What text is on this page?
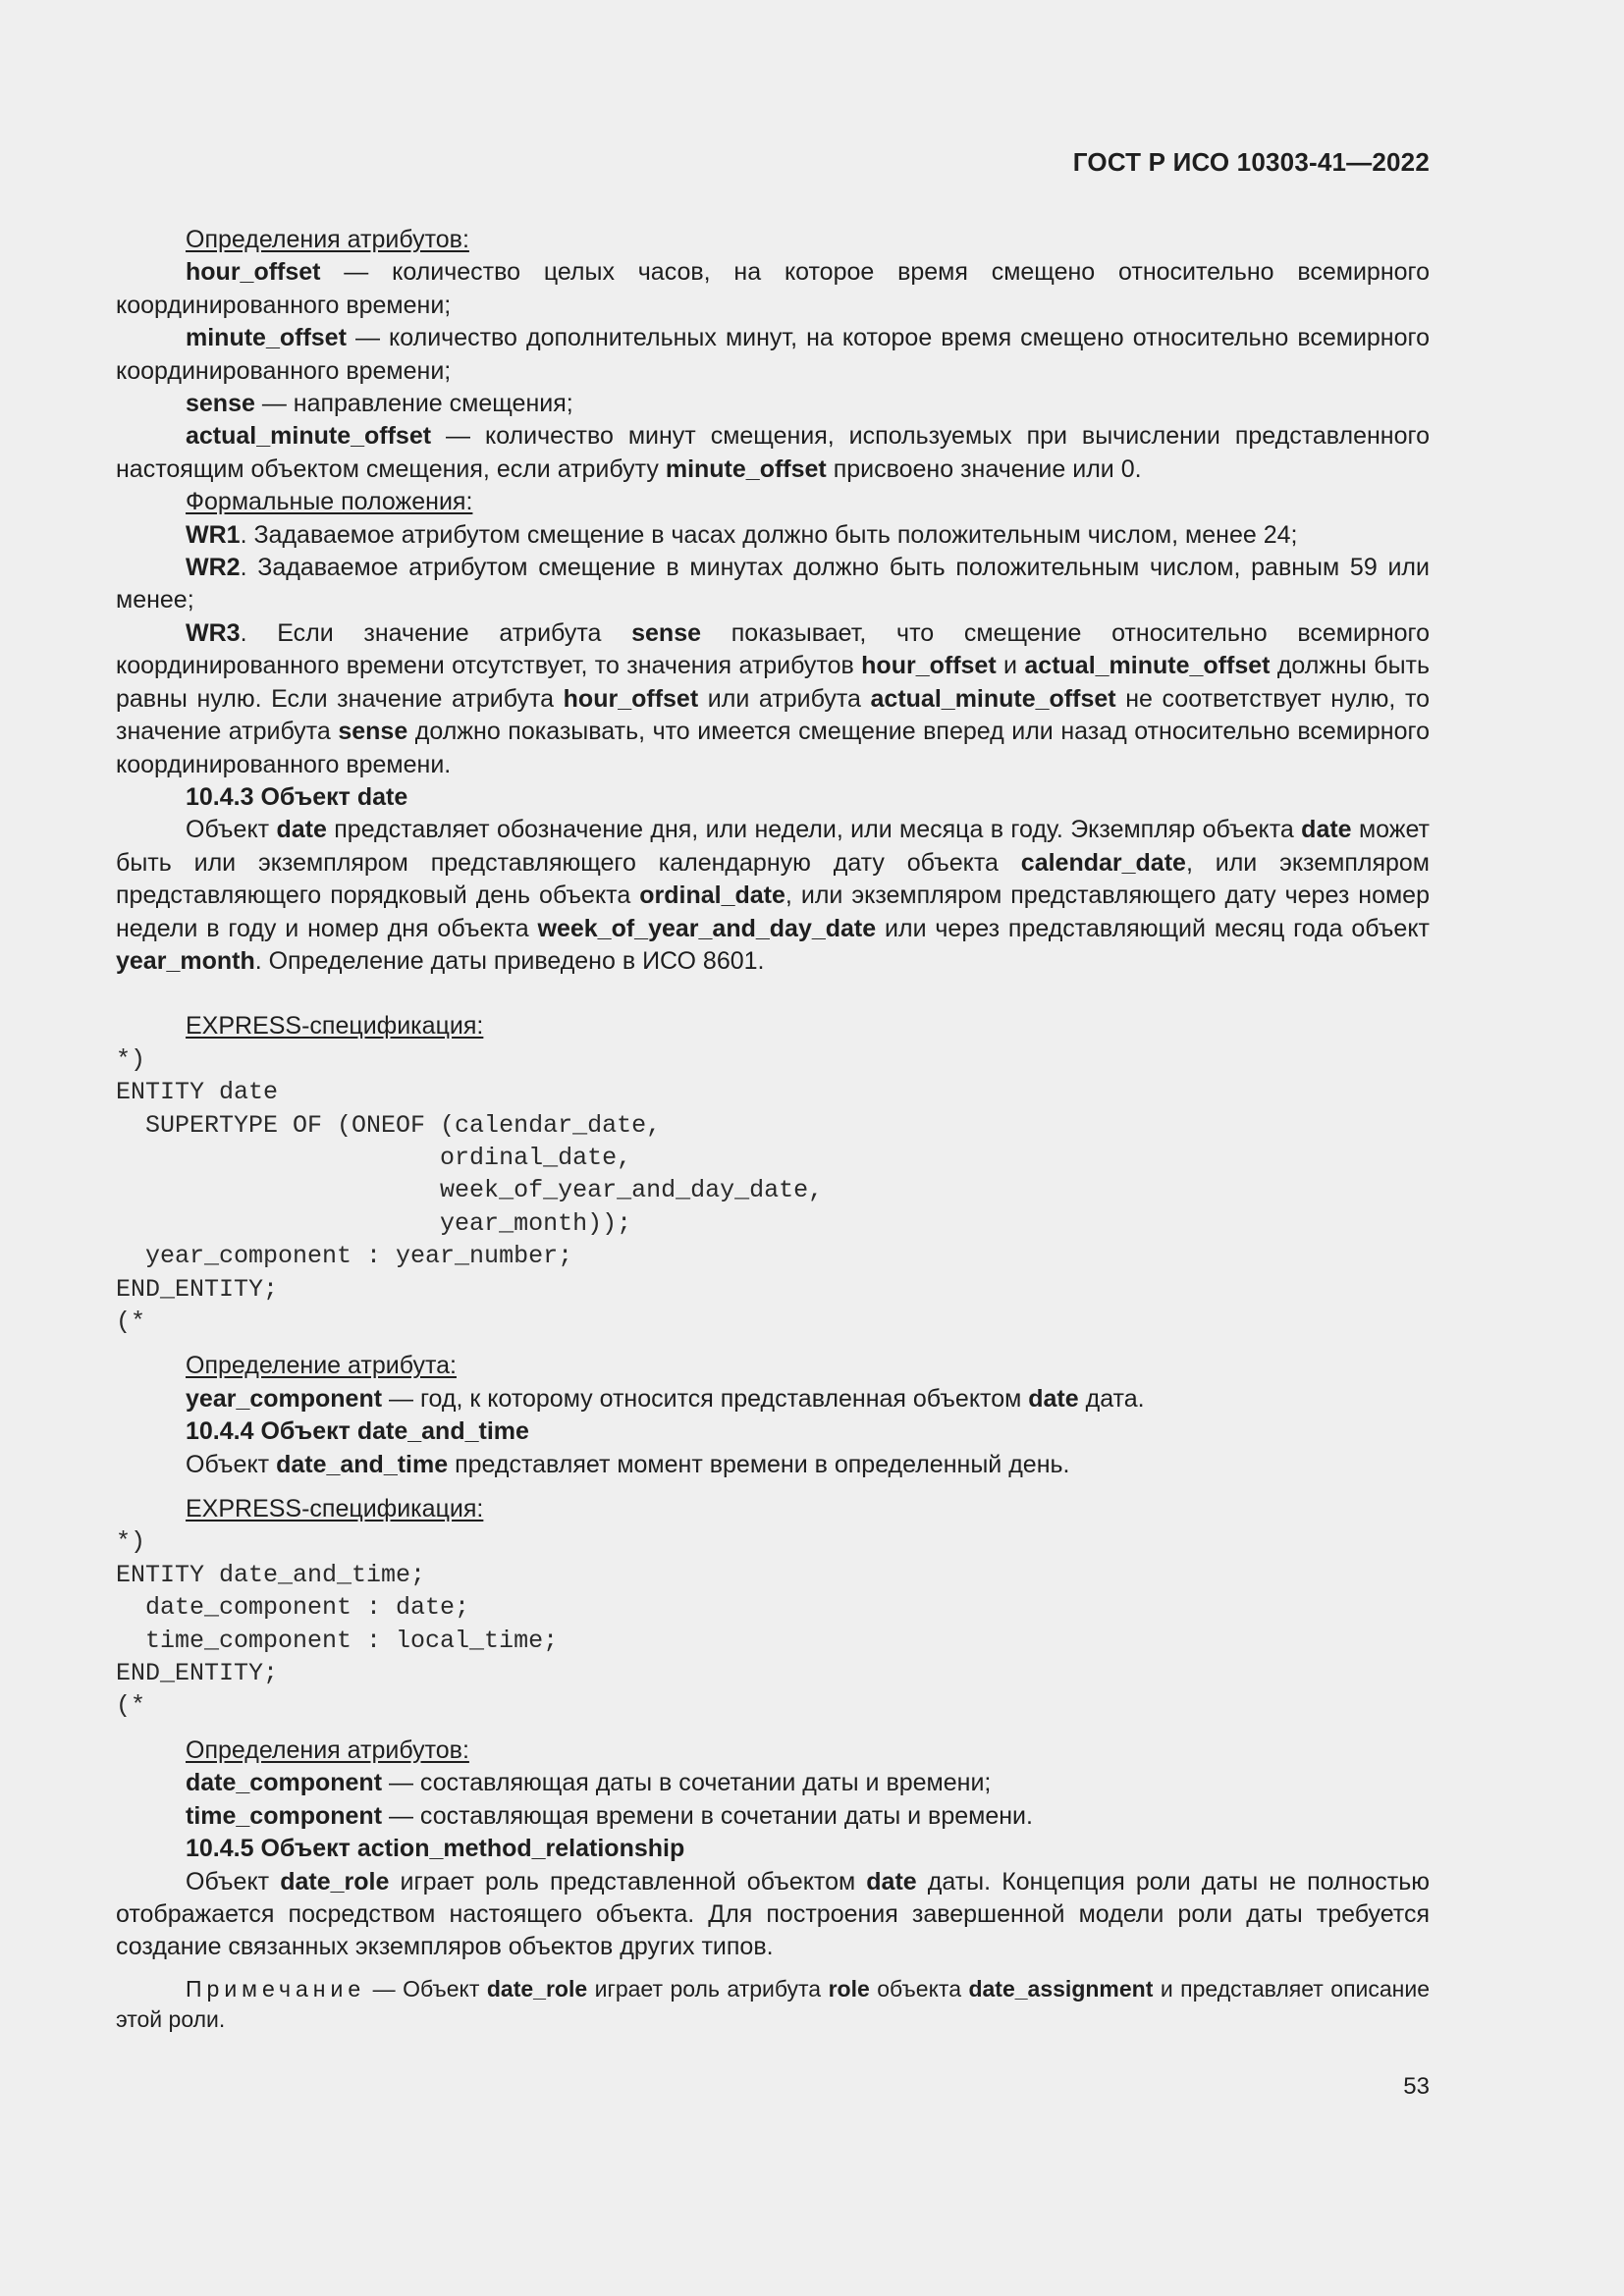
ГОСТ Р ИСО 10303-41—2022

Определения атрибутов:

hour_offset — количество целых часов, на которое время смещено относительно всемирного координированного времени;

minute_offset — количество дополнительных минут, на которое время смещено относительно всемирного координированного времени;

sense — направление смещения;

actual_minute_offset — количество минут смещения, используемых при вычислении представленного настоящим объектом смещения, если атрибуту minute_offset присвоено значение или 0.

Формальные положения:

WR1. Задаваемое атрибутом смещение в часах должно быть положительным числом, менее 24;

WR2. Задаваемое атрибутом смещение в минутах должно быть положительным числом, равным 59 или менее;

WR3. Если значение атрибута sense показывает, что смещение относительно всемирного координированного времени отсутствует, то значения атрибутов hour_offset и actual_minute_offset должны быть равны нулю. Если значение атрибута hour_offset или атрибута actual_minute_offset не соответствует нулю, то значение атрибута sense должно показывать, что имеется смещение вперед или назад относительно всемирного координированного времени.

10.4.3 Объект date

Объект date представляет обозначение дня, или недели, или месяца в году. Экземпляр объекта date может быть или экземпляром представляющего календарную дату объекта calendar_date, или экземпляром представляющего порядковый день объекта ordinal_date, или экземпляром представляющего дату через номер недели в году и номер дня объекта week_of_year_and_day_date или через представляющий месяц года объект year_month. Определение даты приведено в ИСО 8601.

EXPRESS-спецификация:

*)
ENTITY date
SUPERTYPE OF (ONEOF (calendar_date,
ordinal_date,
week_of_year_and_day_date,
year_month));
year_component : year_number;
END_ENTITY;
(*

Определение атрибута:

year_component — год, к которому относится представленная объектом date дата.

10.4.4 Объект date_and_time

Объект date_and_time представляет момент времени в определенный день.

EXPRESS-спецификация:

*)
ENTITY date_and_time;
date_component : date;
time_component : local_time;
END_ENTITY;
(*

Определения атрибутов:

date_component — составляющая даты в сочетании даты и времени;

time_component — составляющая времени в сочетании даты и времени.

10.4.5 Объект action_method_relationship

Объект date_role играет роль представленной объектом date даты. Концепция роли даты не полностью отображается посредством настоящего объекта. Для построения завершенной модели роли даты требуется создание связанных экземпляров объектов других типов.

Примечание — Объект date_role играет роль атрибута role объекта date_assignment и представляет описание этой роли.

53
